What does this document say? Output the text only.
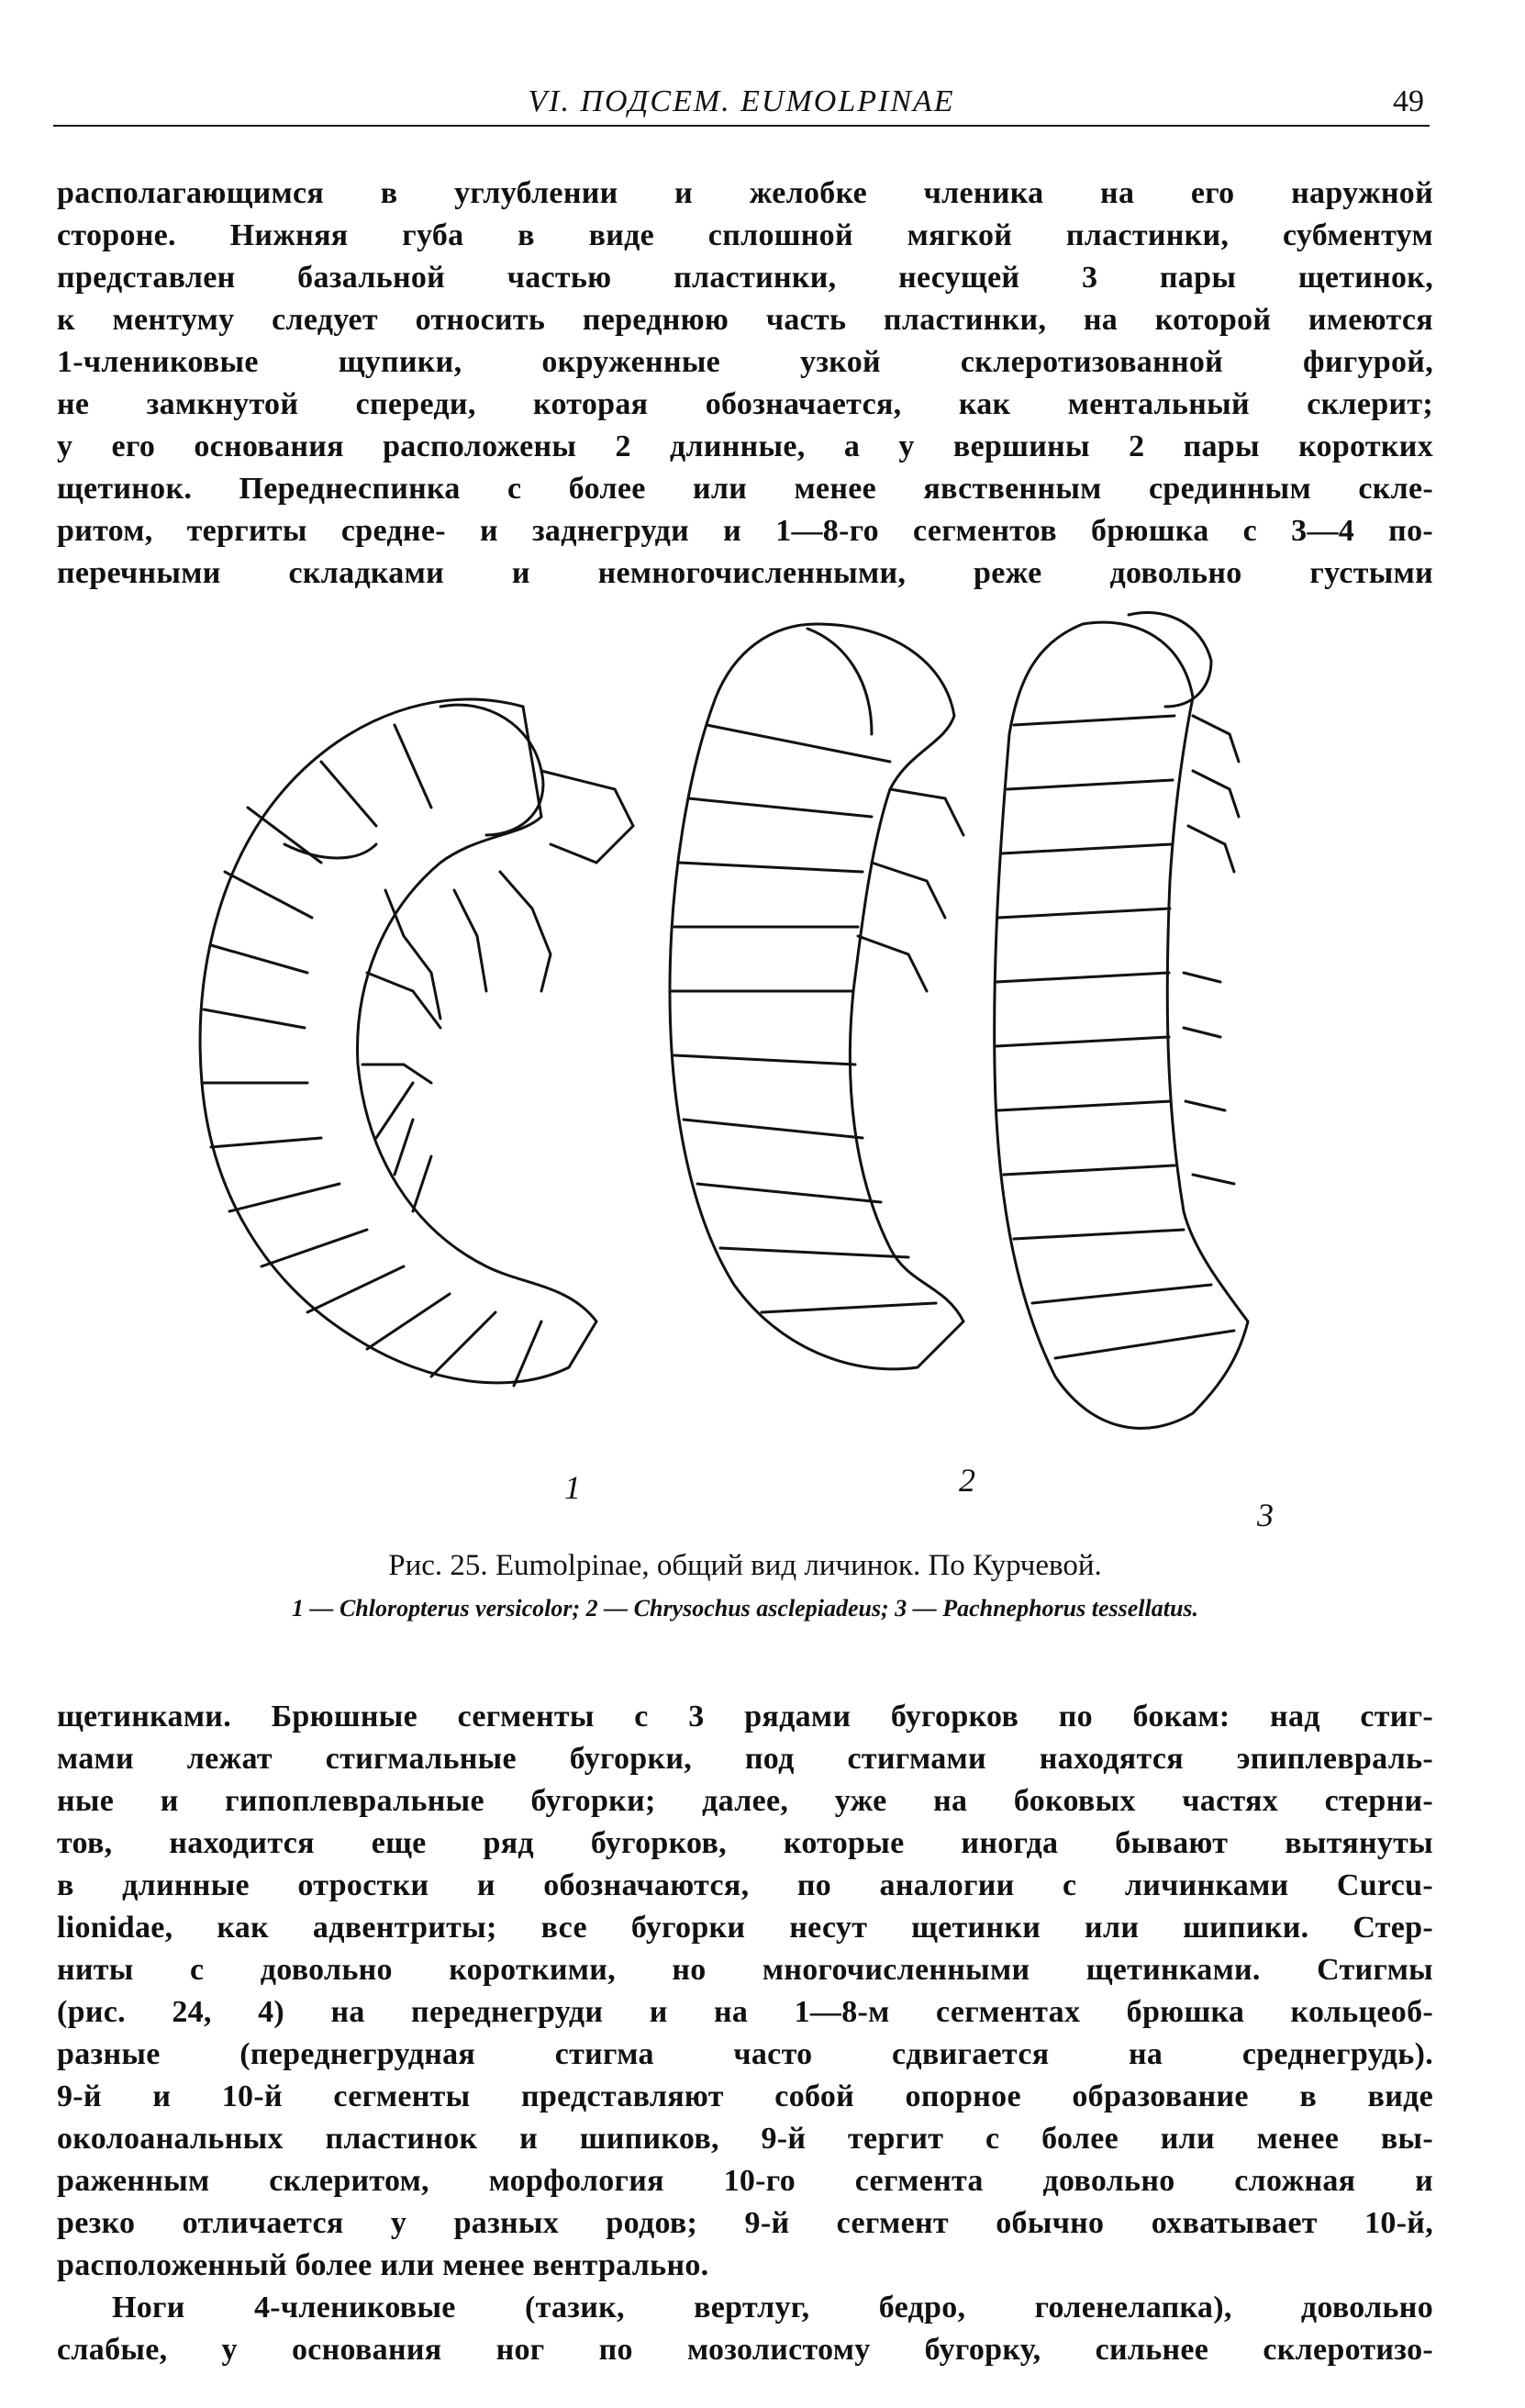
VI. ПОДСЕМ. EUMOLPINAE	49
располагающимся в углублении и желобке членика на его наружной
стороне. Нижняя губа в виде сплошной мягкой пластинки, субментум
представлен базальной частью пластинки, несущей 3 пары щетинок,
к ментуму следует относить переднюю часть пластинки, на которой имеются
1-члениковые щупики, окруженные узкой склеротизованной фигурой,
не замкнутой спереди, которая обозначается, как ментальный склерит;
у его основания расположены 2 длинные, а у вершины 2 пары коротких
щетинок. Переднеспинка с более или менее явственным срединным скле-
ритом, тергиты средне- и заднегруди и 1—8-го сегментов брюшка с 3—4 по-
перечными складками и немногочисленными, реже довольно густыми
1	2
3
Рис. 25. Eumolpinae, общий вид личинок. По Курчевой.
1 — Chloropterus versicolor; 2 — Chrysochus asclepiadeus; 3 — Pachnephorus tessellatus.
щетинками. Брюшные сегменты с 3 рядами бугорков по бокам: над стиг-
мами лежат стигмальные бугорки, под стигмами находятся эпиплевраль-
ные и гипоплевральные бугорки; далее, уже на боковых частях стерни-
тов, находится еще ряд бугорков, которые иногда бывают вытянуты
в длинные отростки и обозначаются, по аналогии с личинками Curcu-
lionidae, как адвентриты; все бугорки несут щетинки или шипики. Стер-
ниты с довольно короткими, но многочисленными щетинками. Стигмы
(рис. 24, 4) на переднегруди и на 1—8-м сегментах брюшка кольцеоб-
разные (переднегрудная стигма часто сдвигается на среднегрудь).
9-й и 10-й сегменты представляют собой опорное образование в виде
околоанальных пластинок и шипиков, 9-й тергит с более или менее вы-
раженным склеритом, морфология 10-го сегмента довольно сложная и
резко отличается у разных родов; 9-й сегмент обычно охватывает 10-й,
расположенный более или менее вентрально.
Ноги 4-члениковые (тазик, вертлуг, бедро, голенелапка), довольно
слабые, у основания ног по мозолистому бугорку, сильнее склеротизо-
